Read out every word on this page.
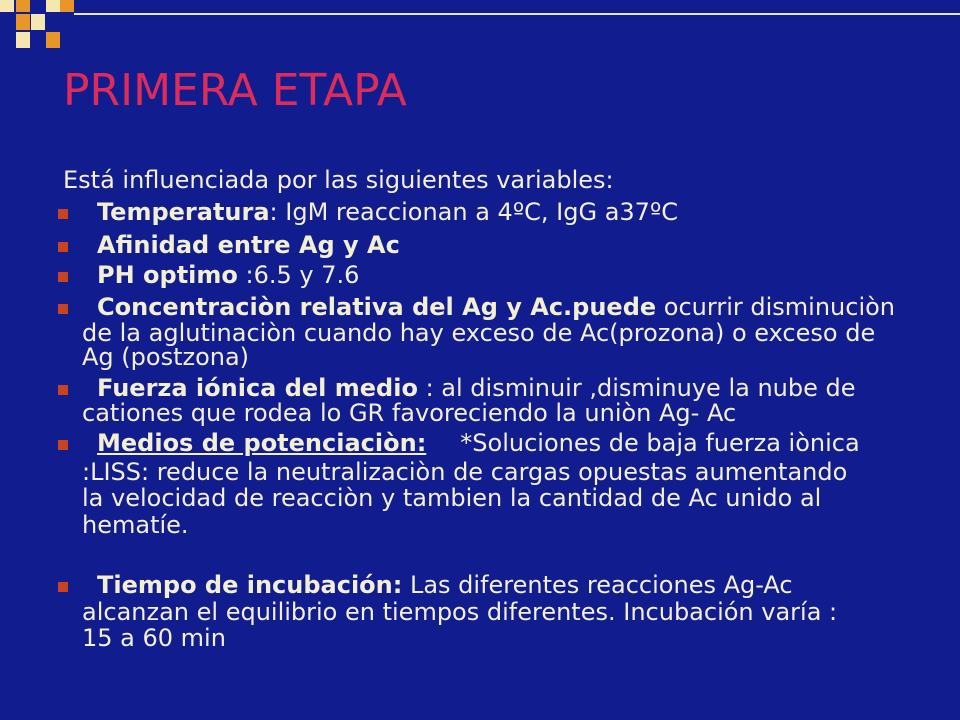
PRIMERA ETAPA
Está influenciada por las siguientes variables:
Temperatura: IgM reaccionan a 4ºC, IgG a37ºC
Afinidad entre Ag y Ac
PH optimo :6.5 y 7.6
Concentraciòn relativa del Ag y Ac.puede ocurrir disminuciòn
de la aglutinaciòn cuando hay exceso de Ac(prozona) o exceso de
Ag (postzona)
Fuerza iónica del medio : al disminuir ,disminuye la nube de
cationes que rodea lo GR favoreciendo la uniòn Ag- Ac
Medios de potenciaciòn: *Soluciones de baja fuerza iònica
:LISS: reduce la neutralizaciòn de cargas opuestas aumentando
la velocidad de reacciòn y tambien la cantidad de Ac unido al
hematíe.
Tiempo de incubación: Las diferentes reacciones Ag-Ac
alcanzan el equilibrio en tiempos diferentes. Incubación varía :
15 a 60 min
